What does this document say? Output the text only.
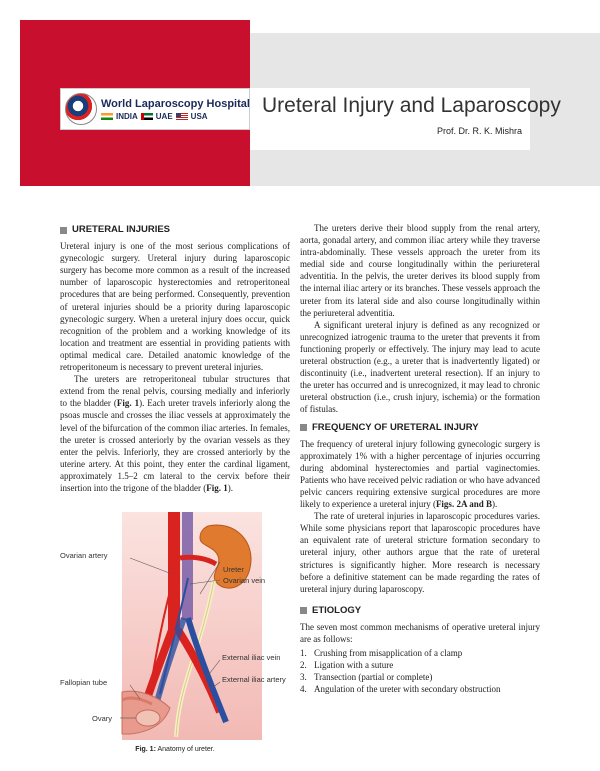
World Laparoscopy Hospital
INDIA UAE USA	Ureteral Injury and Laparoscopy
Prof. Dr. R. K. Mishra
URETERAL INJURIES

Ureteral injury is one of the most serious complications of gynecologic surgery. Ureteral injury during laparoscopic surgery has become more common as a result of the increased number of laparoscopic hysterectomies and retroperitoneal procedures that are being performed. Consequently, prevention of ureteral injuries should be a priority during laparoscopic gynecologic surgery. When a ureteral injury does occur, quick recognition of the problem and a working knowledge of its location and treatment are essential in providing patients with optimal medical care. Detailed anatomic knowledge of the retroperitoneum is necessary to prevent ureteral injuries.

The ureters are retroperitoneal tubular structures that extend from the renal pelvis, coursing medially and inferiorly to the bladder (Fig. 1). Each ureter travels inferiorly along the psoas muscle and crosses the iliac vessels at approximately the level of the bifurcation of the common iliac arteries. In females, the ureter is crossed anteriorly by the ovarian vessels as they enter the pelvis. Inferiorly, they are crossed anteriorly by the uterine artery. At this point, they enter the cardinal ligament, approximately 1.5–2 cm lateral to the cervix before their insertion into the trigone of the bladder (Fig. 1).

Ovarian artery
Ureter
Ovarian vein
Fallopian tube
External iliac vein
External iliac artery
Ovary
Fig. 1: Anatomy of ureter.

The ureters derive their blood supply from the renal artery, aorta, gonadal artery, and common iliac artery while they traverse intra-abdominally. These vessels approach the ureter from its medial side and course longitudinally within the periureteral adventitia. In the pelvis, the ureter derives its blood supply from the internal iliac artery or its branches. These vessels approach the ureter from its lateral side and also course longitudinally within the periureteral adventitia.

A significant ureteral injury is defined as any recognized or unrecognized iatrogenic trauma to the ureter that prevents it from functioning properly or effectively. The injury may lead to acute ureteral obstruction (e.g., a ureter that is inadvertently ligated) or discontinuity (i.e., inadvertent ureteral resection). If an injury to the ureter has occurred and is unrecognized, it may lead to chronic ureteral obstruction (i.e., crush injury, ischemia) or the formation of fistulas.

FREQUENCY OF URETERAL INJURY

The frequency of ureteral injury following gynecologic surgery is approximately 1% with a higher percentage of injuries occurring during abdominal hysterectomies and partial vaginectomies. Patients who have received pelvic radiation or who have advanced pelvic cancers requiring extensive surgical procedures are more likely to experience a ureteral injury (Figs. 2A and B).

The rate of ureteral injuries in laparoscopic procedures varies. While some physicians report that laparoscopic procedures have an equivalent rate of ureteral stricture formation secondary to ureteral injury, other authors argue that the rate of ureteral strictures is significantly higher. More research is necessary before a definitive statement can be made regarding the rates of ureteral injury during laparoscopy.

ETIOLOGY

The seven most common mechanisms of operative ureteral injury are as follows:

1. Crushing from misapplication of a clamp
2. Ligation with a suture
3. Transection (partial or complete)
4. Angulation of the ureter with secondary obstruction
